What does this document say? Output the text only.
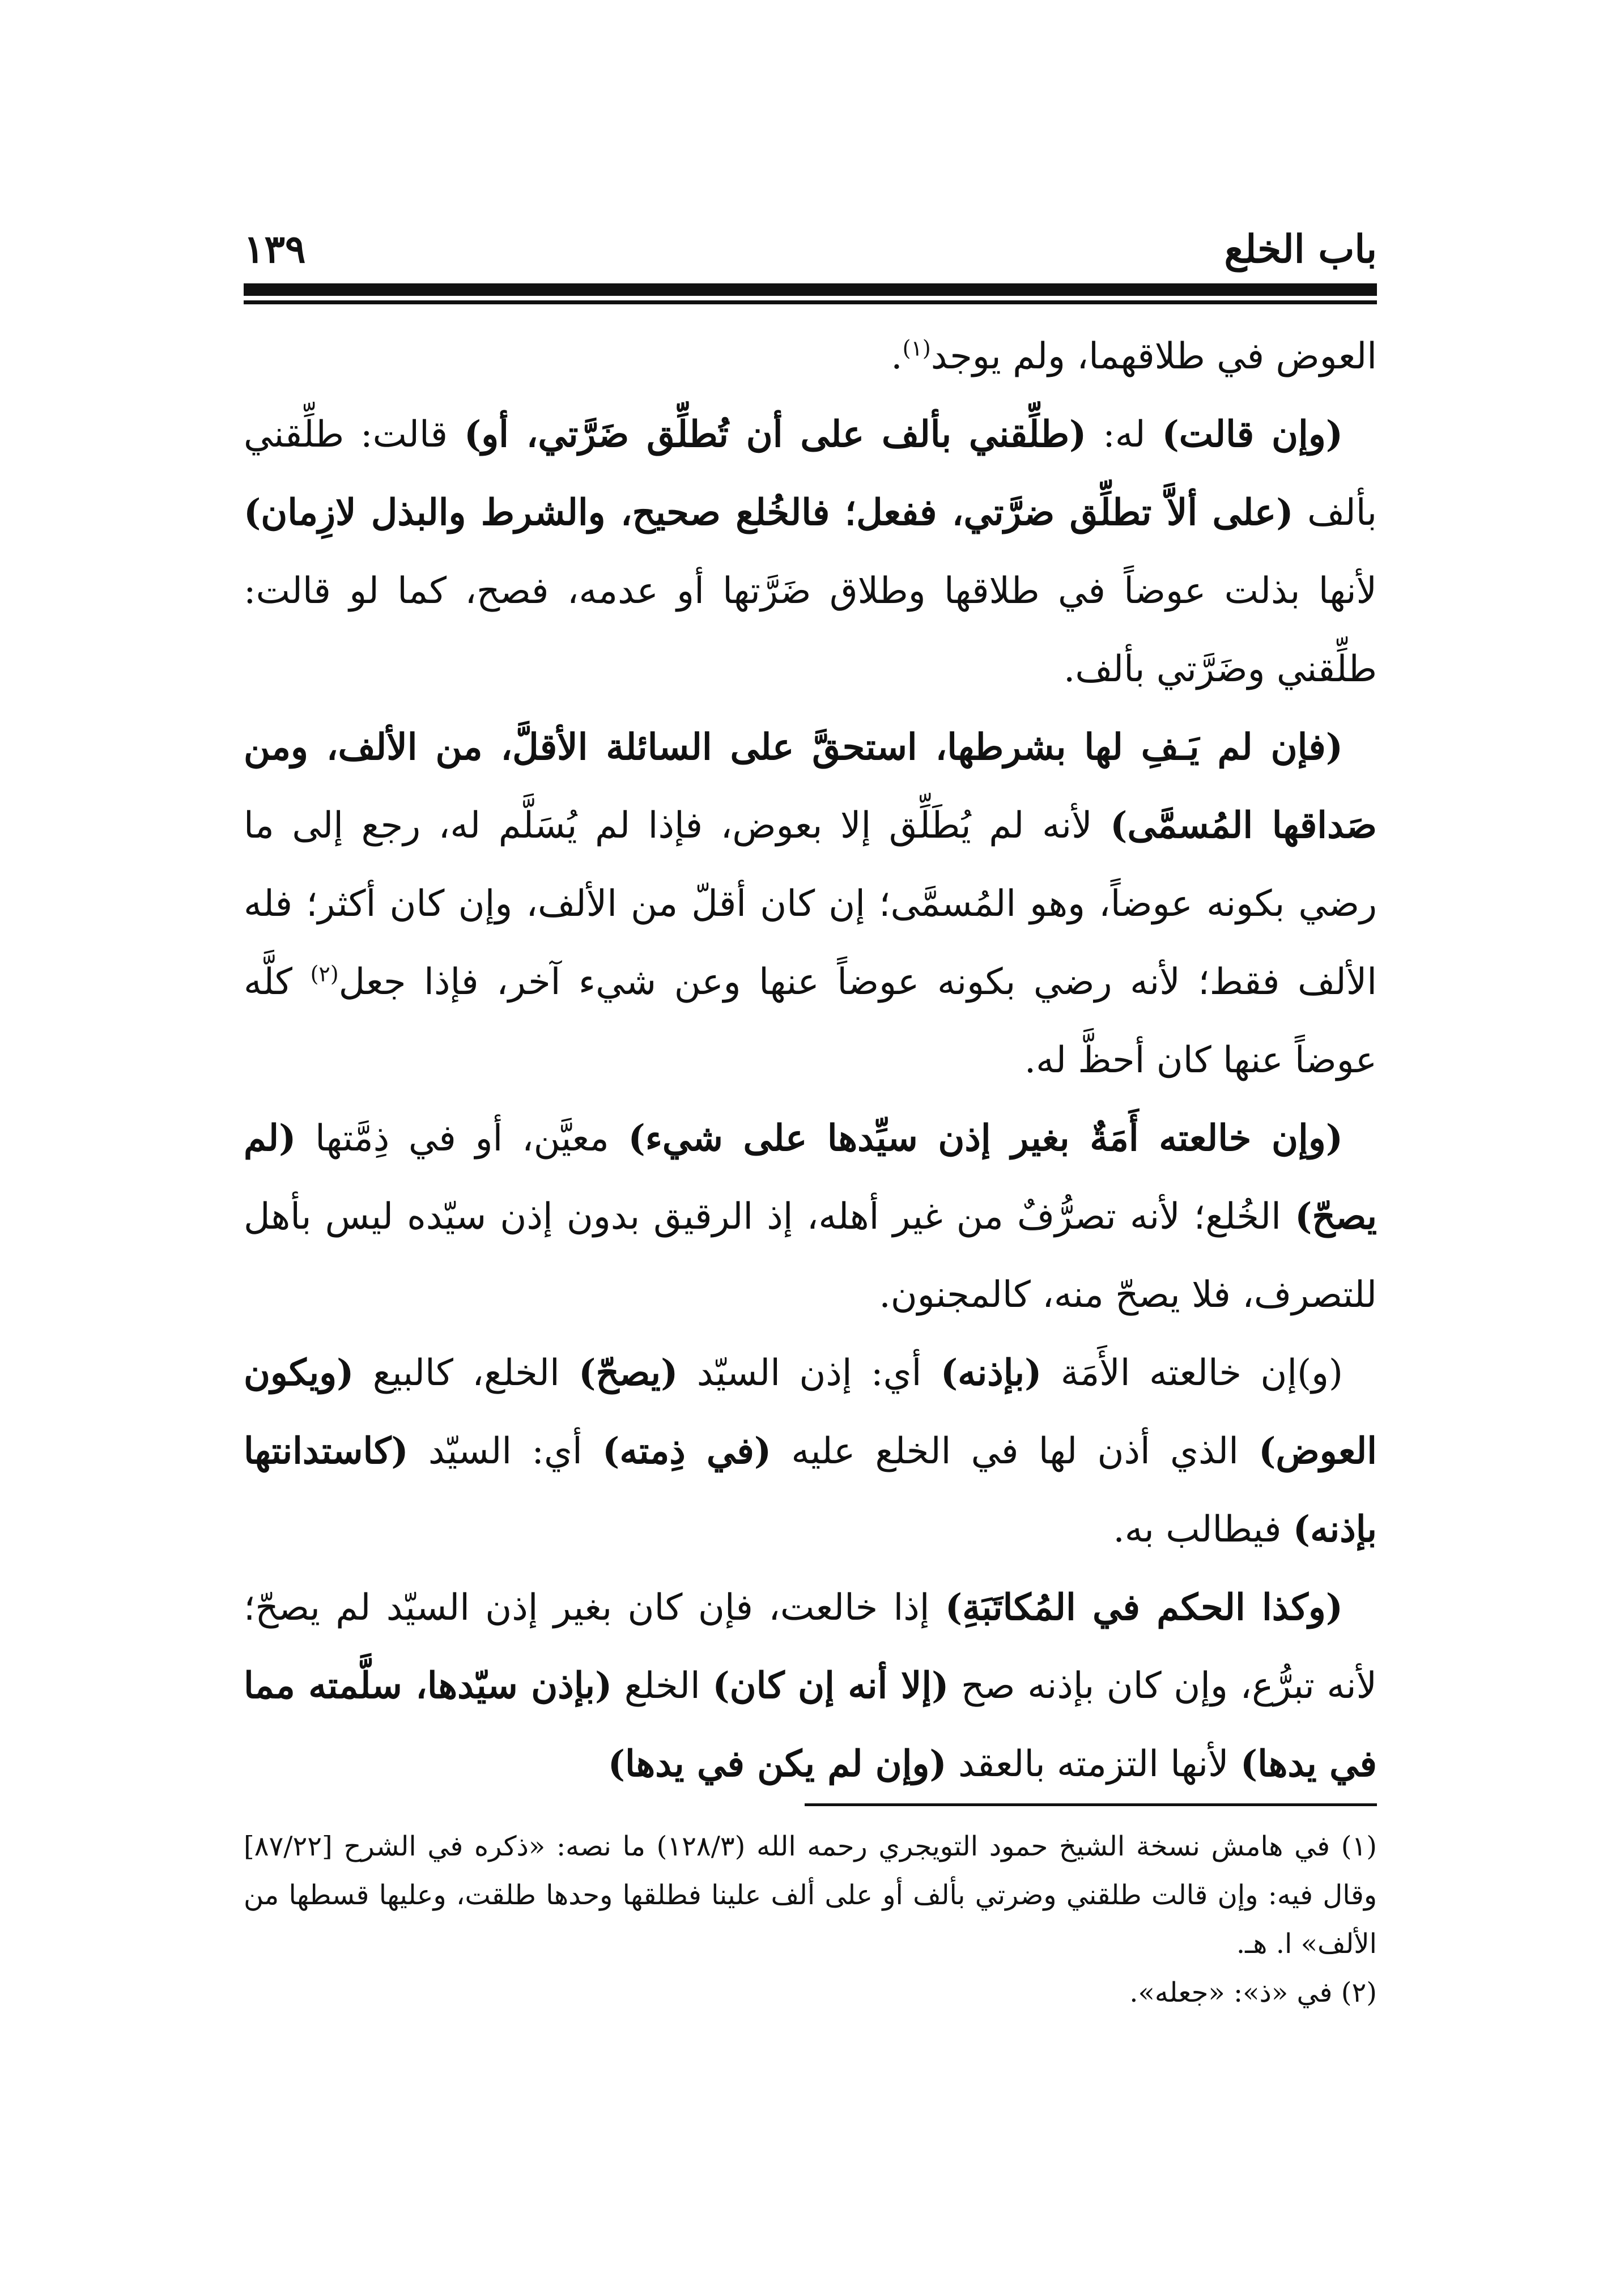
١٣٩	باب الخلع

العوض في طلاقهما، ولم يوجد$^{(١)}$.

(وإن قالت) له: (طلِّقني بألف على أن تُطلِّق ضَرَّتي، أو) قالت: طلِّقني بألف (على ألاَّ تطلِّق ضرَّتي، ففعل؛ فالخُلع صحيح، والشرط والبذل لازِمان) لأنها بذلت عوضاً في طلاقها وطلاق ضَرَّتها أو عدمه، فصح، كما لو قالت: طلِّقني وضَرَّتي بألف.

(فإن لم يَـفِ لها بشرطها، استحقَّ على السائلة الأقلَّ، من الألف، ومن صَداقها المُسمَّى) لأنه لم يُطَلِّق إلا بعوض، فإذا لم يُسَلَّم له، رجع إلى ما رضي بكونه عوضاً، وهو المُسمَّى؛ إن كان أقلّ من الألف، وإن كان أكثر؛ فله الألف فقط؛ لأنه رضي بكونه عوضاً عنها وعن شيء آخر، فإذا جعل$^{(٢)}$ كلَّه عوضاً عنها كان أحظَّ له.

(وإن خالعته أَمَةٌ بغير إذن سيِّدها على شيء) معيَّن، أو في ذِمَّتها (لم يصحّ) الخُلع؛ لأنه تصرُّفٌ من غير أهله، إذ الرقيق بدون إذن سيّده ليس بأهل للتصرف، فلا يصحّ منه، كالمجنون.

(و)إن خالعته الأَمَة (بإذنه) أي: إذن السيّد (يصحّ) الخلع، كالبيع (ويكون العوض) الذي أذن لها في الخلع عليه (في ذِمته) أي: السيّد (كاستدانتها بإذنه) فيطالب به.

(وكذا الحكم في المُكاتَبَةِ) إذا خالعت، فإن كان بغير إذن السيّد لم يصحّ؛ لأنه تبرُّع، وإن كان بإذنه صح (إلا أنه إن كان) الخلع (بإذن سيّدها، سلَّمته مما في يدها) لأنها التزمته بالعقد (وإن لم يكن في يدها)

(١) في هامش نسخة الشيخ حمود التويجري رحمه الله (١٢٨/٣) ما نصه: «ذكره في الشرح [٨٧/٢٢] وقال فيه: وإن قالت طلقني وضرتي بألف أو على ألف علينا فطلقها وحدها طلقت، وعليها قسطها من الألف» ا. هـ.

(٢) في «ذ»: «جعله».
